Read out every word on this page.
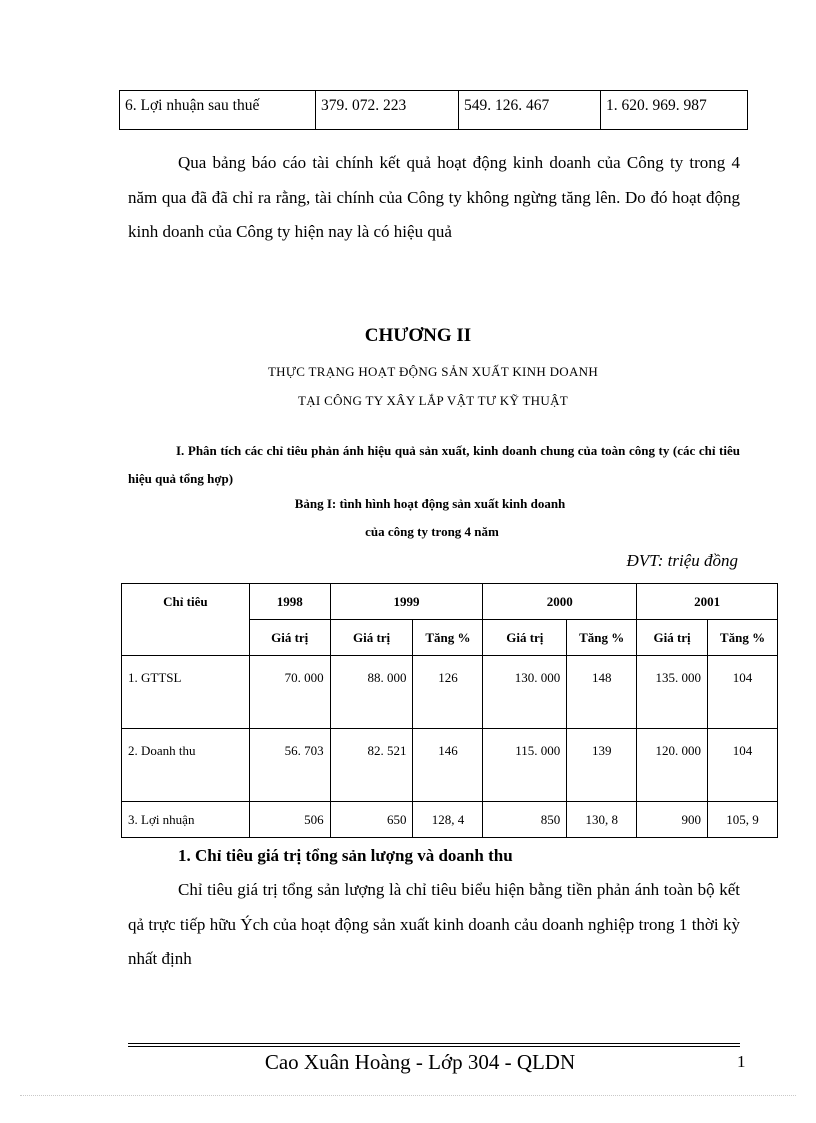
6. Lợi nhuận sau thuế	379. 072. 223	549. 126. 467	1. 620. 969. 987
Qua bảng báo cáo tài chính kết quả hoạt động kinh doanh của Công ty trong 4 năm qua đã đã chỉ ra rằng, tài chính của Công ty không ngừng tăng lên. Do đó hoạt động kinh doanh của Công ty hiện nay là có hiệu quả
CHƯƠNG II
THỰC TRẠNG HOẠT ĐỘNG SẢN XUẤT KINH DOANH
TẠI CÔNG TY XÂY LẮP VẬT TƯ KỸ THUẬT
I. Phân tích các chỉ tiêu phản ánh hiệu quả sản xuất, kinh doanh chung của toàn công ty (các chỉ tiêu hiệu quả tổng hợp)
Bảng I: tình hình hoạt động sản xuất kinh doanh
của công ty trong 4 năm
ĐVT: triệu đồng
Chỉ tiêu	1998	1999		2000		2001	
	Giá trị	Giá trị	Tăng %	Giá trị	Tăng %	Giá trị	Tăng %
1. GTTSL	70. 000	88. 000	126	130. 000	148	135. 000	104
2. Doanh thu	56. 703	82. 521	146	115. 000	139	120. 000	104
3. Lợi nhuận	506	650	128, 4	850	130, 8	900	105, 9
1. Chỉ tiêu giá trị tổng sản lượng và doanh thu
Chỉ tiêu giá trị tổng sản lượng là chỉ tiêu biểu hiện bằng tiền phản ánh toàn bộ kết qả trực tiếp hữu Ých của hoạt động sản xuất kinh doanh cảu doanh nghiệp trong 1 thời kỳ nhất định
Cao Xuân Hoàng - Lớp 304 - QLDN	1
